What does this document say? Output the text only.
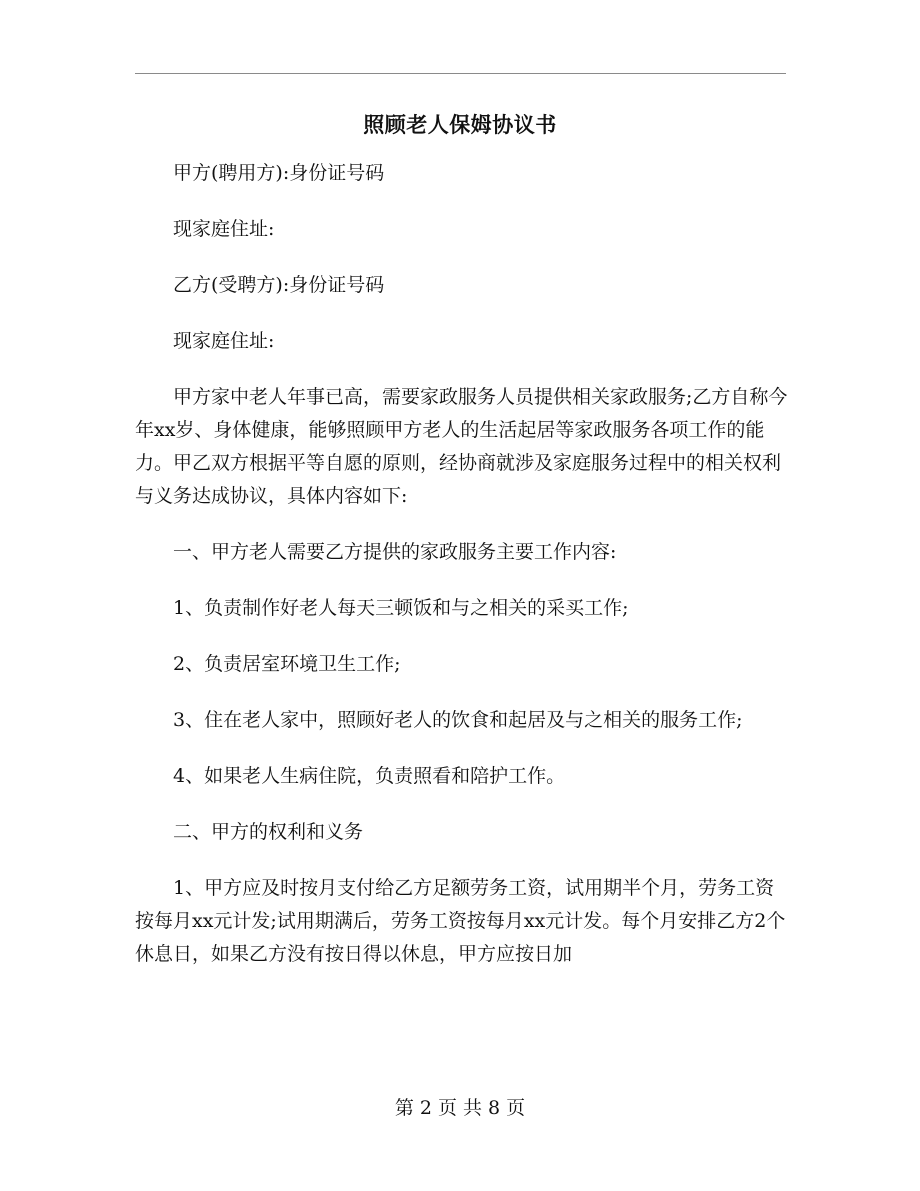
照顾老人保姆协议书

甲方(聘用方):身份证号码

现家庭住址:

乙方(受聘方):身份证号码

现家庭住址:

甲方家中老人年事已高，需要家政服务人员提供相关家政服务;乙方自称今年xx岁、身体健康，能够照顾甲方老人的生活起居等家政服务各项工作的能力。甲乙双方根据平等自愿的原则，经协商就涉及家庭服务过程中的相关权利与义务达成协议，具体内容如下:

一、甲方老人需要乙方提供的家政服务主要工作内容:

1、负责制作好老人每天三顿饭和与之相关的采买工作;

2、负责居室环境卫生工作;

3、住在老人家中，照顾好老人的饮食和起居及与之相关的服务工作;

4、如果老人生病住院，负责照看和陪护工作。

二、甲方的权利和义务

1、甲方应及时按月支付给乙方足额劳务工资，试用期半个月，劳务工资按每月xx元计发;试用期满后，劳务工资按每月xx元计发。每个月安排乙方2个休息日，如果乙方没有按日得以休息，甲方应按日加

第 2 页 共 8 页
